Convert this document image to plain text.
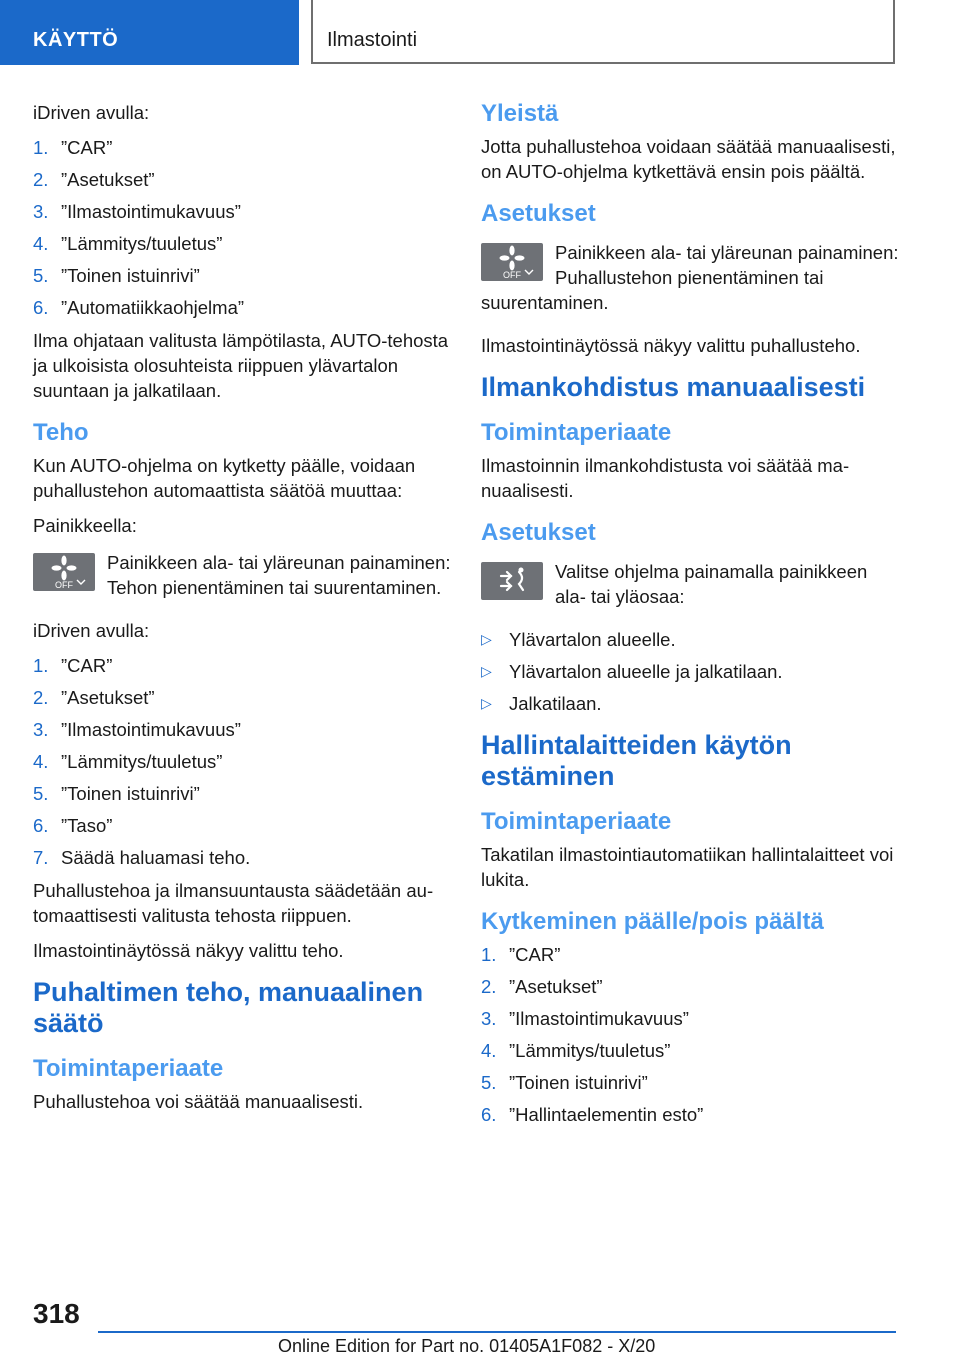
KÄYTTÖ	Ilmastointi

iDriven avulla:

1. ”CAR”
2. ”Asetukset”
3. ”Ilmastointimukavuus”
4. ”Lämmitys/tuuletus”
5. ”Toinen istuinrivi”
6. ”Automatiikkaohjelma”

Ilma ohjataan valitusta lämpötilasta, AUTO-tehosta ja ulkoisista olosuhteista riippuen ylävartalon suuntaan ja jalkatilaan.

Teho

Kun AUTO-ohjelma on kytketty päälle, voidaan puhallustehon automaattista säätöä muuttaa:

Painikkeella:

OFF

Painikkeen ala- tai yläreunan painaminen: Tehon pienentäminen tai suurentaminen.

iDriven avulla:

1. ”CAR”
2. ”Asetukset”
3. ”Ilmastointimukavuus”
4. ”Lämmitys/tuuletus”
5. ”Toinen istuinrivi”
6. ”Taso”
7. Säädä haluamasi teho.

Puhallustehoa ja ilmansuuntausta säädetään automaattisesti valitusta tehosta riippuen.

Ilmastointinäytössä näkyy valittu teho.

Puhaltimen teho, manuaalinen säätö
Toimintaperiaate

Puhallustehoa voi säätää manuaalisesti.

Yleistä

Jotta puhallustehoa voidaan säätää manuaalisesti, on AUTO-ohjelma kytkettävä ensin pois päältä.

Asetukset
OFF

Painikkeen ala- tai yläreunan painaminen: Puhallustehon pienentäminen tai suurentaminen.

Ilmastointinäytössä näkyy valittu puhallusteho.

Ilmankohdistus manuaalisesti
Toimintaperiaate

Ilmastoinnin ilmankohdistusta voi säätää manuaalisesti.

Asetukset

Valitse ohjelma painamalla painikkeen ala- tai yläosaa:

▷ Ylävartalon alueelle.
▷ Ylävartalon alueelle ja jalkatilaan.
▷ Jalkatilaan.
Hallintalaitteiden käytön estäminen
Toimintaperiaate

Takatilan ilmastointiautomatiikan hallintalaitteet voi lukita.

Kytkeminen päälle/pois päältä
1. ”CAR”
2. ”Asetukset”
3. ”Ilmastointimukavuus”
4. ”Lämmitys/tuuletus”
5. ”Toinen istuinrivi”
6. ”Hallintaelementin esto”
318
Online Edition for Part no. 01405A1F082 - X/20
